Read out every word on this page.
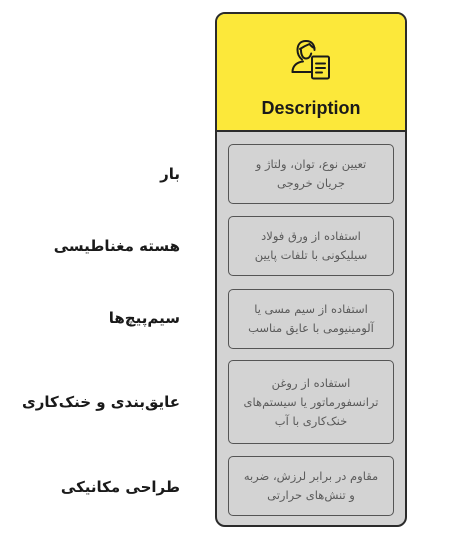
Description
تعیین نوع، توان، ولتاژ و جریان خروجی
استفاده از ورق فولاد سیلیکونی با تلفات پایین
استفاده از سیم مسی یا آلومینیومی با عایق مناسب
استفاده از روغن ترانسفورماتور یا سیستم‌های خنک‌کاری با آب
مقاوم در برابر لرزش، ضربه و تنش‌های حرارتی
بار
هسته مغناطیسی
سیم‌پیچ‌ها
عایق‌بندی و خنک‌کاری
طراحی مکانیکی
